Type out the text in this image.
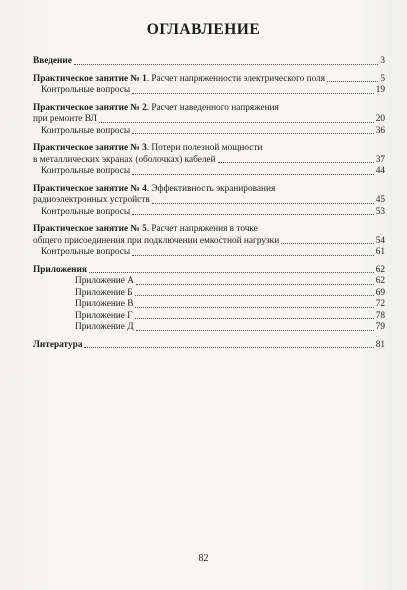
ОГЛАВЛЕНИЕ
Введение	3
Практическое занятие № 1. Расчет напряженности электрического поля	5
Контрольные вопросы	19
Практическое занятие № 2. Расчет наведенного напряжения
при ремонте ВЛ	20
Контрольные вопросы	36
Практическое занятие № 3. Потери полезной мощности
в металлических экранах (оболочках) кабелей	37
Контрольные вопросы	44
Практическое занятие № 4. Эффективность экранирования
радиоэлектронных устройств	45
Контрольные вопросы	53
Практическое занятие № 5. Расчет напряжения в точке
общего присоединения при подключении емкостной нагрузки	54
Контрольные вопросы	61
Приложения	62
Приложение А	62
Приложение Б	69
Приложение В	72
Приложение Г	78
Приложение Д	79
Литература	81
82
